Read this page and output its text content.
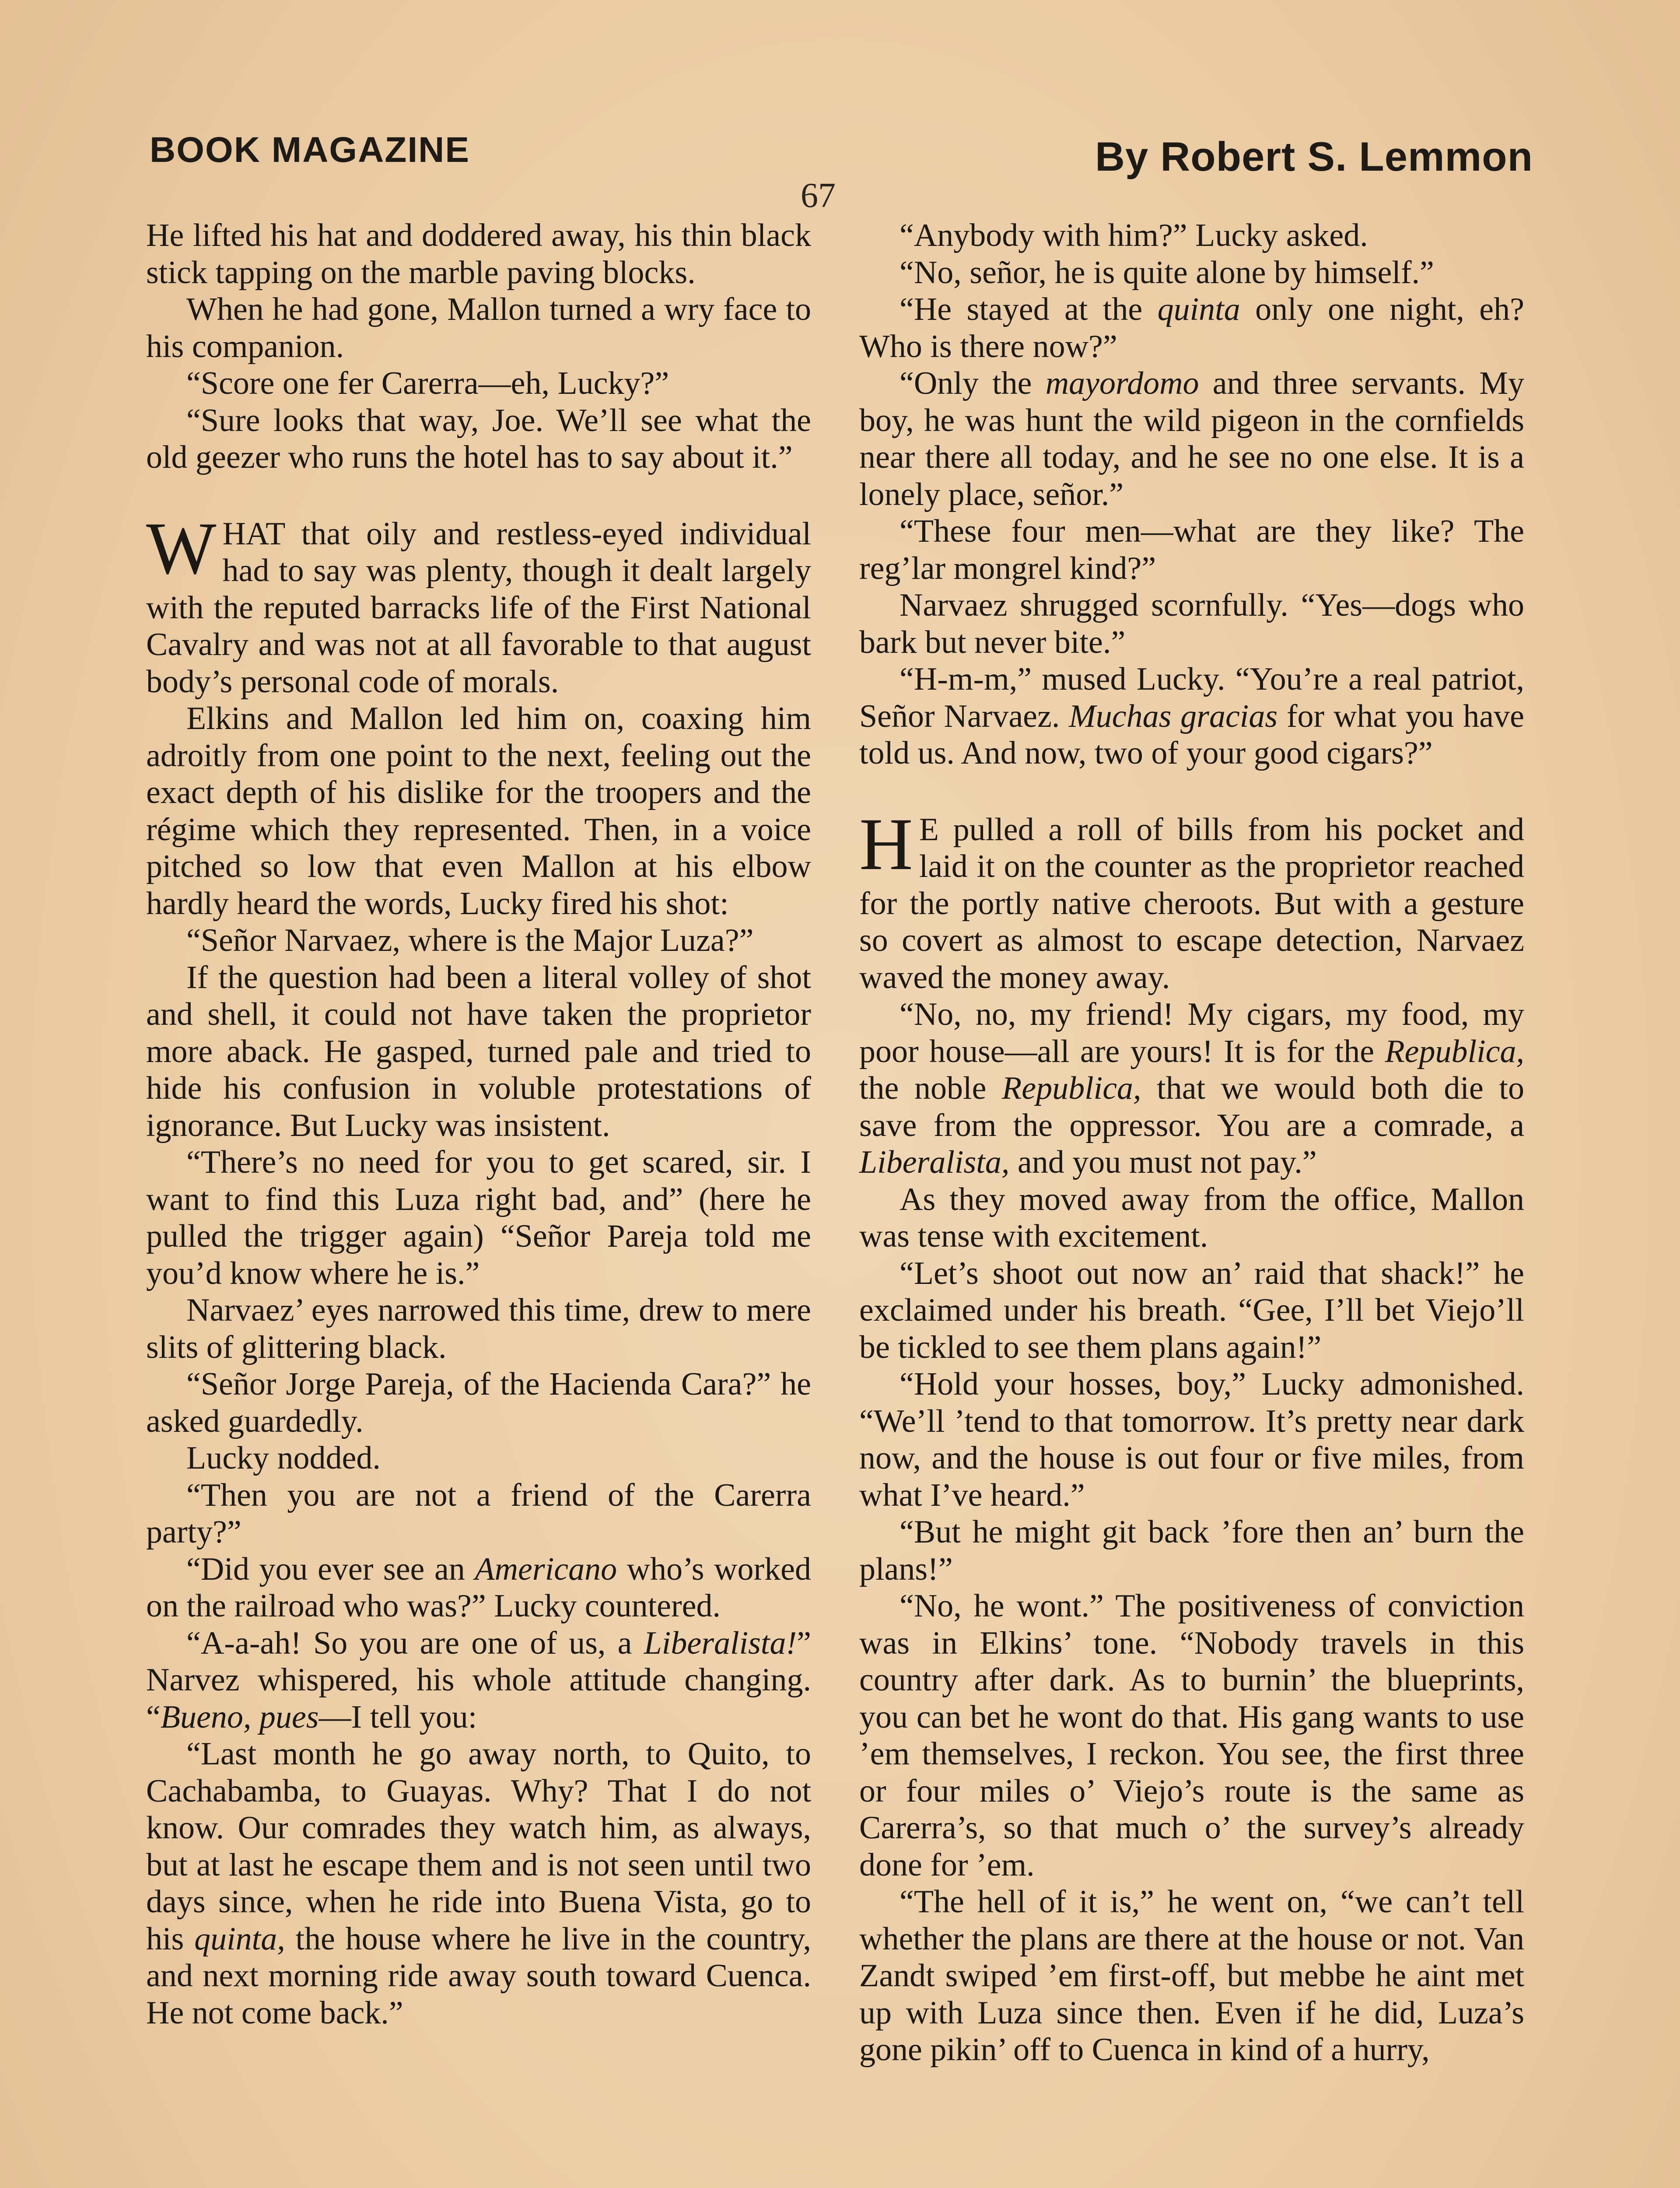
BOOK MAGAZINE	By Robert S. Lemmon
67

He lifted his hat and doddered away, his thin black stick tapping on the marble paving blocks.

When he had gone, Mallon turned a wry face to his companion.

“Score one fer Carerra—eh, Lucky?”

“Sure looks that way, Joe. We’ll see what the old geezer who runs the hotel has to say about it.”

WHAT that oily and restless-eyed individual had to say was plenty, though it dealt largely with the reputed barracks life of the First National Cavalry and was not at all favorable to that august body’s personal code of morals.

Elkins and Mallon led him on, coaxing him adroitly from one point to the next, feeling out the exact depth of his dislike for the troopers and the régime which they represented. Then, in a voice pitched so low that even Mallon at his elbow hardly heard the words, Lucky fired his shot:

“Señor Narvaez, where is the Major Luza?”

If the question had been a literal volley of shot and shell, it could not have taken the proprietor more aback. He gasped, turned pale and tried to hide his confusion in voluble protestations of ignorance. But Lucky was insistent.

“There’s no need for you to get scared, sir. I want to find this Luza right bad, and” (here he pulled the trigger again) “Señor Pareja told me you’d know where he is.”

Narvaez’ eyes narrowed this time, drew to mere slits of glittering black.

“Señor Jorge Pareja, of the Hacienda Cara?” he asked guardedly.

Lucky nodded.

“Then you are not a friend of the Carerra party?”

“Did you ever see an Americano who’s worked on the railroad who was?” Lucky countered.

“A-a-ah! So you are one of us, a Liberalista!” Narvez whispered, his whole attitude changing. “Bueno, pues—I tell you:

“Last month he go away north, to Quito, to Cachabamba, to Guayas. Why? That I do not know. Our comrades they watch him, as always, but at last he escape them and is not seen until two days since, when he ride into Buena Vista, go to his quinta, the house where he live in the country, and next morning ride away south toward Cuenca. He not come back.”

“Anybody with him?” Lucky asked.

“No, señor, he is quite alone by himself.”

“He stayed at the quinta only one night, eh? Who is there now?”

“Only the mayordomo and three servants. My boy, he was hunt the wild pigeon in the cornfields near there all today, and he see no one else. It is a lonely place, señor.”

“These four men—what are they like? The reg’lar mongrel kind?”

Narvaez shrugged scornfully. “Yes—dogs who bark but never bite.”

“H-m-m,” mused Lucky. “You’re a real patriot, Señor Narvaez. Muchas gracias for what you have told us. And now, two of your good cigars?”

H E pulled a roll of bills from his pocket and laid it on the counter as the proprietor reached for the portly native cheroots. But with a gesture so covert as almost to escape detection, Narvaez waved the money away.

“No, no, my friend! My cigars, my food, my poor house—all are yours! It is for the Republica, the noble Republica, that we would both die to save from the oppressor. You are a comrade, a Liberalista, and you must not pay.”

As they moved away from the office, Mallon was tense with excitement.

“Let’s shoot out now an’ raid that shack!” he exclaimed under his breath. “Gee, I’ll bet Viejo’ll be tickled to see them plans again!”

“Hold your hosses, boy,” Lucky admonished. “We’ll ’tend to that tomorrow. It’s pretty near dark now, and the house is out four or five miles, from what I’ve heard.”

“But he might git back ’fore then an’ burn the plans!”

“No, he wont.” The positiveness of conviction was in Elkins’ tone. “Nobody travels in this country after dark. As to burnin’ the blueprints, you can bet he wont do that. His gang wants to use ’em themselves, I reckon. You see, the first three or four miles o’ Viejo’s route is the same as Carerra’s, so that much o’ the survey’s already done for ’em.

“The hell of it is,” he went on, “we can’t tell whether the plans are there at the house or not. Van Zandt swiped ’em first-off, but mebbe he aint met up with Luza since then. Even if he did, Luza’s gone pikin’ off to Cuenca in kind of a hurry,
